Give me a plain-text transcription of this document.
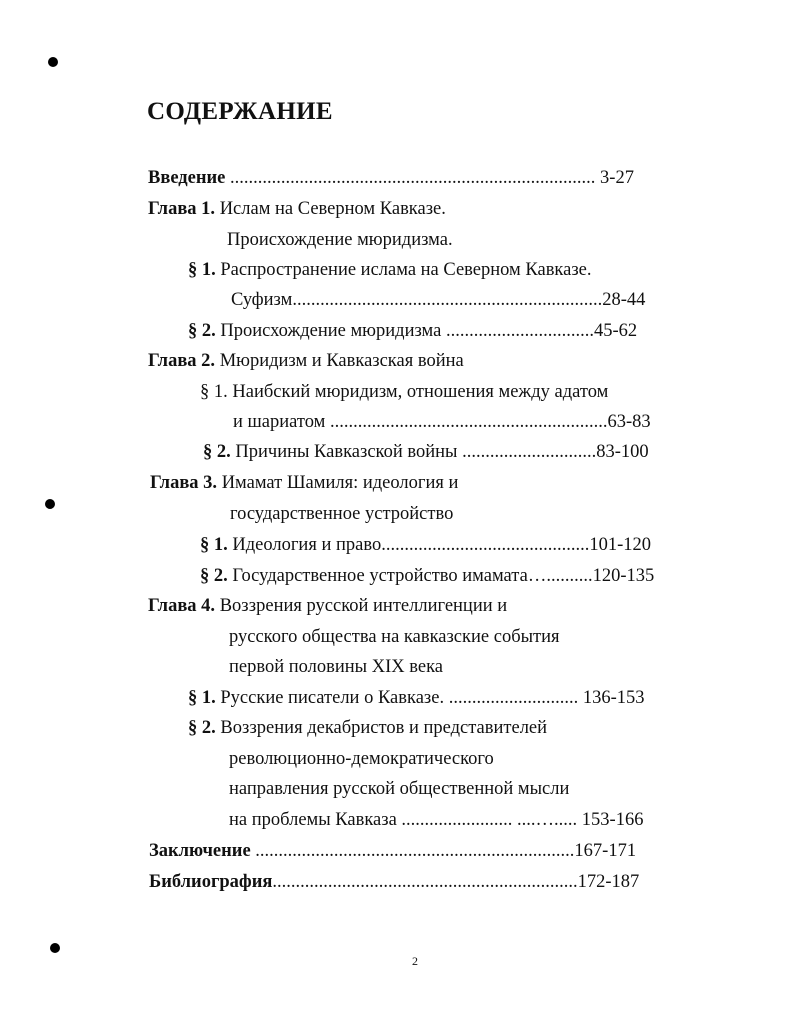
СОДЕРЖАНИЕ
Введение ............................................................................... 3-27
Глава 1. Ислам на Северном Кавказе.
Происхождение мюридизма.
§ 1. Распространение ислама на Северном Кавказе.
Суфизм...................................................................28-44
§ 2. Происхождение мюридизма ................................45-62
Глава 2. Мюридизм и Кавказская война
§ 1. Наибский мюридизм, отношения между адатом
и шариатом ............................................................63-83
§ 2. Причины Кавказской войны .............................83-100
Глава 3. Имамат Шамиля: идеология и
государственное устройство
§ 1. Идеология и право.............................................101-120
§ 2. Государственное устройство имамата…..........120-135
Глава 4. Воззрения русской интеллигенции и
русского общества на кавказские события
первой половины XIX века
§ 1. Русские писатели о Кавказе. ............................ 136-153
§ 2. Воззрения декабристов и представителей
революционно-демократического
направления русской общественной мысли
на проблемы Кавказа ........................ ....…..... 153-166
Заключение .....................................................................167-171
Библиография..................................................................172-187
2
